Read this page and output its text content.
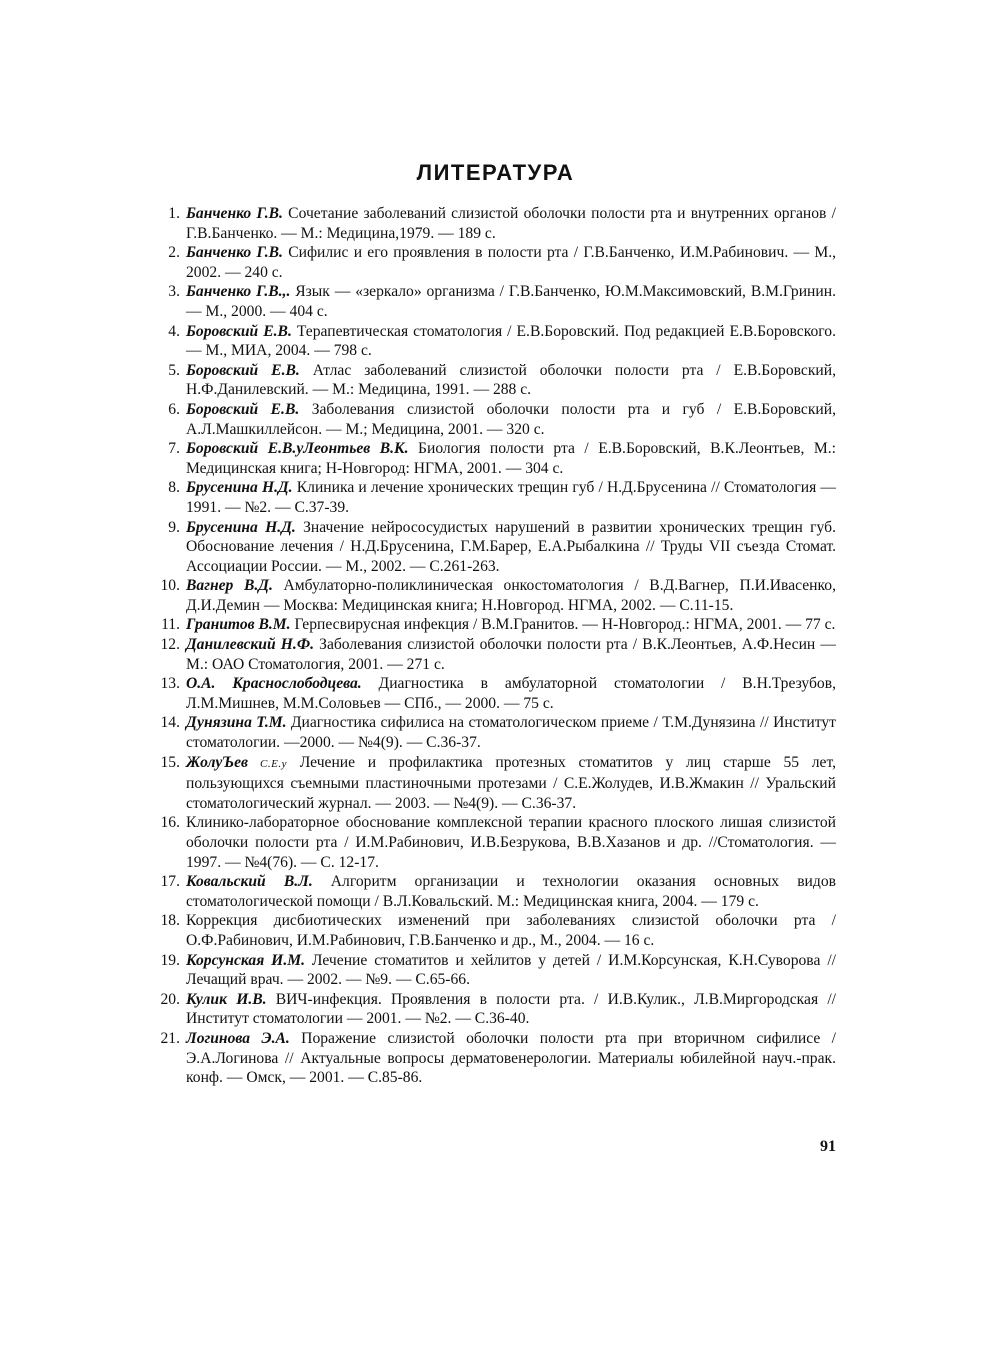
ЛИТЕРАТУРА
1. Банченко Г.В. Сочетание заболеваний слизистой оболочки полости рта и внутренних органов / Г.В.Банченко. — М.: Медицина,1979. — 189 с.
2. Банченко Г.В. Сифилис и его проявления в полости рта / Г.В.Банченко, И.М.Рабинович. — М., 2002. — 240 с.
3. Банченко Г.В.,. Язык — «зеркало» организма / Г.В.Банченко, Ю.М.Максимовский, В.М.Гринин. — М., 2000. — 404 с.
4. Боровский Е.В. Терапевтическая стоматология / Е.В.Боровский. Под редакцией Е.В.Боровского. — М., МИА, 2004. — 798 с.
5. Боровский Е.В. Атлас заболеваний слизистой оболочки полости рта / Е.В.Боровский, Н.Ф.Данилевский. — М.: Медицина, 1991. — 288 с.
6. Боровский Е.В. Заболевания слизистой оболочки полости рта и губ / Е.В.Боровский, А.Л.Машкиллейсон. — М.; Медицина, 2001. — 320 с.
7. Боровский Е.В.уЛеонтьев В.К. Биология полости рта / Е.В.Боровский, В.К.Леонтьев, М.: Медицинская книга; Н-Новгород: НГМА, 2001. — 304 с.
8. Брусенина Н.Д. Клиника и лечение хронических трещин губ / Н.Д.Брусенина // Стоматология — 1991. — №2. — С.37-39.
9. Брусенина Н.Д. Значение нейрососудистых нарушений в развитии хронических трещин губ. Обоснование лечения / Н.Д.Брусенина, Г.М.Барер, Е.А.Рыбалкина // Труды VII съезда Стомат. Ассоциации России. — М., 2002. — С.261-263.
10. Вагнер В.Д. Амбулаторно-поликлиническая онкостоматология / В.Д.Вагнер, П.И.Ивасенко, Д.И.Демин — Москва: Медицинская книга; Н.Новгород. НГМА, 2002. — С.11-15.
11. Гранитов В.М. Герпесвирусная инфекция / В.М.Гранитов. — Н-Новгород.: НГМА, 2001. — 77 с.
12. Данилевский Н.Ф. Заболевания слизистой оболочки полости рта / В.К.Леонтьев, А.Ф.Несин — М.: ОАО Стоматология, 2001. — 271 с.
13. О.А. Краснослободцева. Диагностика в амбулаторной стоматологии / В.Н.Трезубов, Л.М.Мишнев, М.М.Соловьев — СПб., — 2000. — 75 с.
14. Дунязина Т.М. Диагностика сифилиса на стоматологическом приеме / Т.М.Дунязина // Институт стоматологии. —2000. — №4(9). — С.36-37.
15. ЖолуЪев С.Е.у Лечение и профилактика протезных стоматитов у лиц старше 55 лет, пользующихся съемными пластиночными протезами / С.Е.Жолудев, И.В.Жмакин // Уральский стоматологический журнал. — 2003. — №4(9). — С.36-37.
16. Клинико-лабораторное обоснование комплексной терапии красного плоского лишая слизистой оболочки полости рта / И.М.Рабинович, И.В.Безрукова, В.В.Хазанов и др. //Стоматология. — 1997. — №4(76). — С. 12-17.
17. Ковальский В.Л. Алгоритм организации и технологии оказания основных видов стоматологической помощи / В.Л.Ковальский. М.: Медицинская книга, 2004. — 179 с.
18. Коррекция дисбиотических изменений при заболеваниях слизистой оболочки рта / О.Ф.Рабинович, И.М.Рабинович, Г.В.Банченко и др., М., 2004. — 16 с.
19. Корсунская И.М. Лечение стоматитов и хейлитов у детей / И.М.Корсунская, К.Н.Суворова // Лечащий врач. — 2002. — №9. — С.65-66.
20. Кулик И.В. ВИЧ-инфекция. Проявления в полости рта. / И.В.Кулик., Л.В.Миргородская // Институт стоматологии — 2001. — №2. — С.36-40.
21. Логинова Э.А. Поражение слизистой оболочки полости рта при вторичном сифилисе / Э.А.Логинова // Актуальные вопросы дерматовенерологии. Материалы юбилейной науч.-прак. конф. — Омск, — 2001. — С.85-86.
91
